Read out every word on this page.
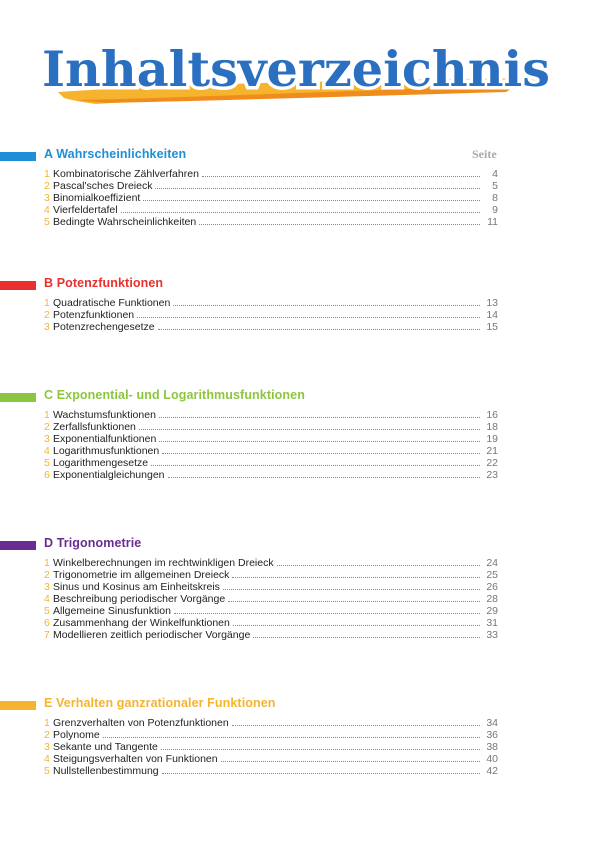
Inhaltsverzeichnis
A Wahrscheinlichkeiten	Seite
1 Kombinatorische Zählverfahren	4
2 Pascal'sches Dreieck	5
3 Binomialkoeffizient	8
4 Vierfeldertafel	9
5 Bedingte Wahrscheinlichkeiten	11
B Potenzfunktionen
1 Quadratische Funktionen	13
2 Potenzfunktionen	14
3 Potenzrechengesetze	15
C Exponential- und Logarithmusfunktionen
1 Wachstumsfunktionen	16
2 Zerfallsfunktionen	18
3 Exponentialfunktionen	19
4 Logarithmusfunktionen	21
5 Logarithmengesetze	22
6 Exponentialgleichungen	23
D Trigonometrie
1 Winkelberechnungen im rechtwinkligen Dreieck	24
2 Trigonometrie im allgemeinen Dreieck	25
3 Sinus und Kosinus am Einheitskreis	26
4 Beschreibung periodischer Vorgänge	28
5 Allgemeine Sinusfunktion	29
6 Zusammenhang der Winkelfunktionen	31
7 Modellieren zeitlich periodischer Vorgänge	33
E Verhalten ganzrationaler Funktionen
1 Grenzverhalten von Potenzfunktionen	34
2 Polynome	36
3 Sekante und Tangente	38
4 Steigungsverhalten von Funktionen	40
5 Nullstellenbestimmung	42
